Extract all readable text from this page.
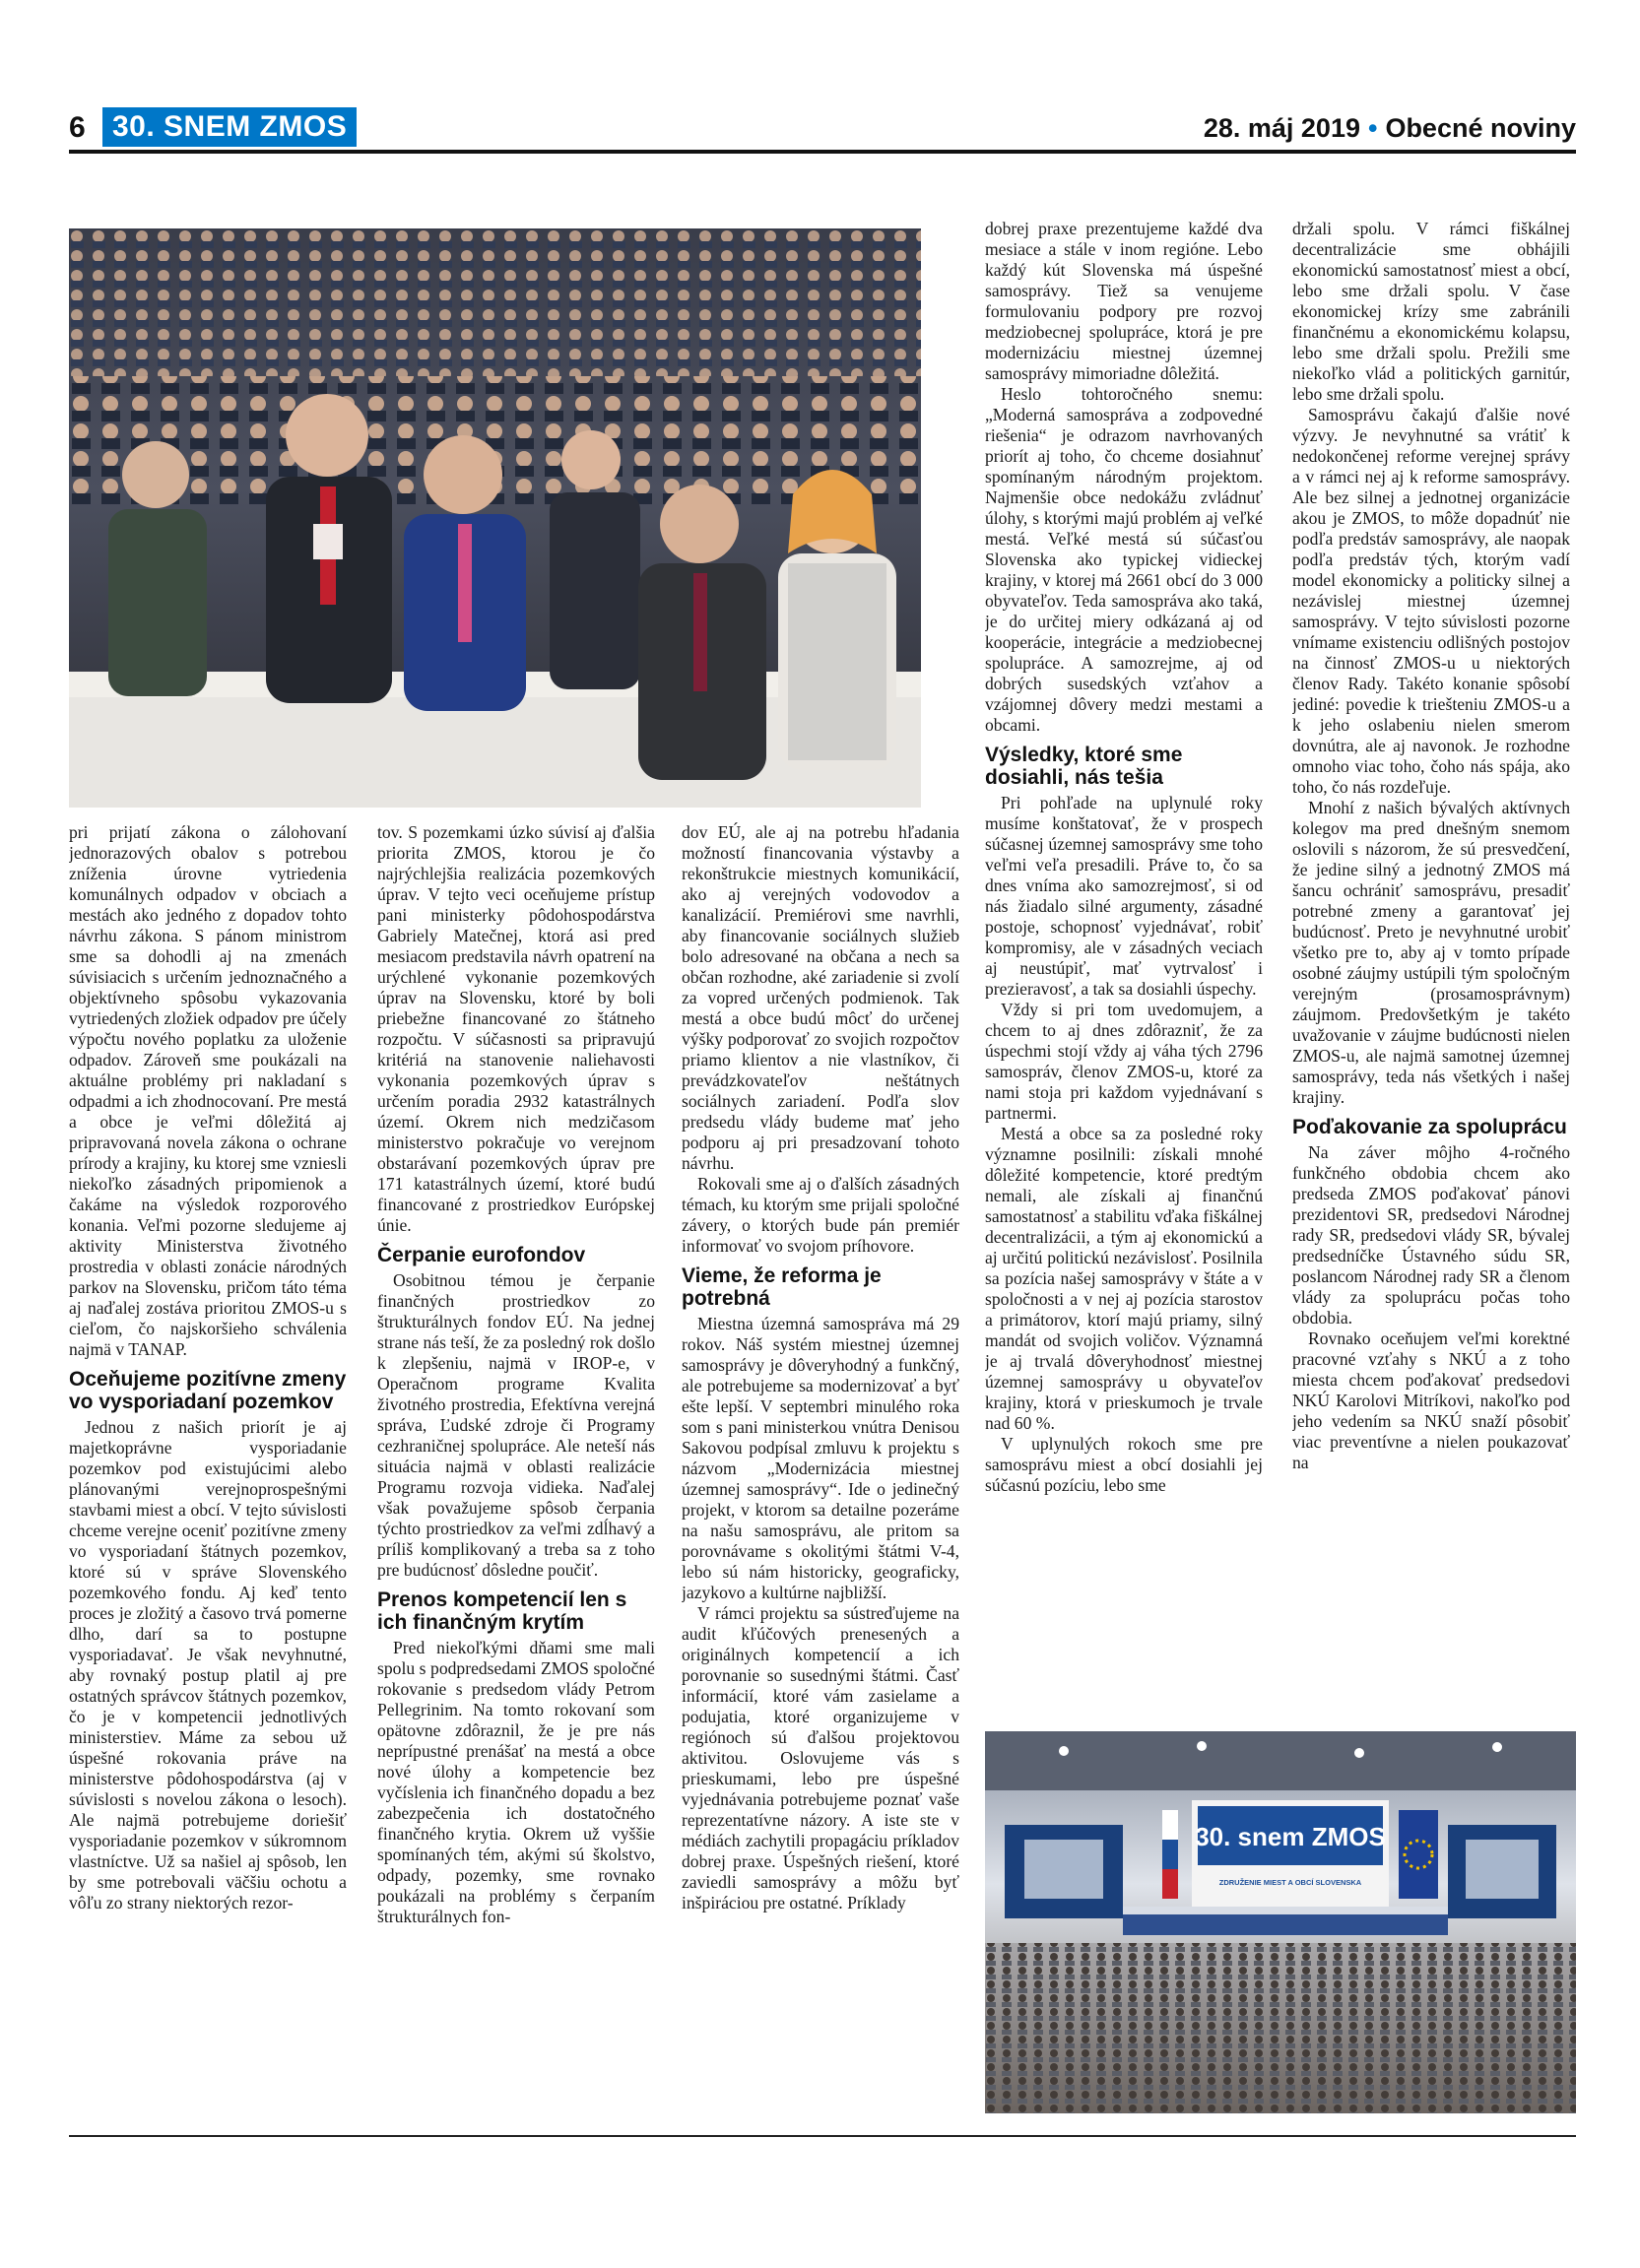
6 30. SNEM ZMOS	28. máj 2019 • Obecné noviny

pri prijatí zákona o zálohovaní jednorazových obalov s potrebou zníženia úrovne vytriedenia komunálnych odpadov v obciach a mestách ako jedného z dopadov tohto návrhu zákona. S pánom ministrom sme sa dohodli aj na zmenách súvisiacich s určením jednoznačného a objektívneho spôsobu vykazovania vytriedených zložiek odpadov pre účely výpočtu nového poplatku za uloženie odpadov. Zároveň sme poukázali na aktuálne problémy pri nakladaní s odpadmi a ich zhodnocovaní. Pre mestá a obce je veľmi dôležitá aj pripravovaná novela zákona o ochrane prírody a krajiny, ku ktorej sme vzniesli niekoľko zásadných pripomienok a čakáme na výsledok rozporového konania. Veľmi pozorne sledujeme aj aktivity Ministerstva životného prostredia v oblasti zonácie národných parkov na Slovensku, pričom táto téma aj naďalej zostáva prioritou ZMOS-u s cieľom, čo najskoršieho schválenia najmä v TANAP.

Oceňujeme pozitívne zmeny vo vysporiadaní pozemkov

Jednou z našich priorít je aj majetkoprávne vysporiadanie pozemkov pod existujúcimi alebo plánovanými verejnoprospešnými stavbami miest a obcí. V tejto súvislosti chceme verejne oceniť pozitívne zmeny vo vysporiadaní štátnych pozemkov, ktoré sú v správe Slovenského pozemkového fondu. Aj keď tento proces je zložitý a časovo trvá pomerne dlho, darí sa to postupne vysporiadavať. Je však nevyhnutné, aby rovnaký postup platil aj pre ostatných správcov štátnych pozemkov, čo je v kompetencii jednotlivých ministerstiev. Máme za sebou už úspešné rokovania práve na ministerstve pôdohospodárstva (aj v súvislosti s novelou zákona o lesoch). Ale najmä potrebujeme doriešiť vysporiadanie pozemkov v súkromnom vlastníctve. Už sa našiel aj spôsob, len by sme potrebovali väčšiu ochotu a vôľu zo strany niektorých rezor-

tov. S pozemkami úzko súvisí aj ďalšia priorita ZMOS, ktorou je čo najrýchlejšia realizácia pozemkových úprav. V tejto veci oceňujeme prístup pani ministerky pôdohospodárstva Gabriely Matečnej, ktorá asi pred mesiacom predstavila návrh opatrení na urýchlené vykonanie pozemkových úprav na Slovensku, ktoré by boli priebežne financované zo štátneho rozpočtu. V súčasnosti sa pripravujú kritériá na stanovenie naliehavosti vykonania pozemkových úprav s určením poradia 2932 katastrálnych území. Okrem nich medzičasom ministerstvo pokračuje vo verejnom obstarávaní pozemkových úprav pre 171 katastrálnych území, ktoré budú financované z prostriedkov Európskej únie.

Čerpanie eurofondov

Osobitnou témou je čerpanie finančných prostriedkov zo štrukturálnych fondov EÚ. Na jednej strane nás teší, že za posledný rok došlo k zlepšeniu, najmä v IROP-e, v Operačnom programe Kvalita životného prostredia, Efektívna verejná správa, Ľudské zdroje či Programy cezhraničnej spolupráce. Ale neteší nás situácia najmä v oblasti realizácie Programu rozvoja vidieka. Naďalej však považujeme spôsob čerpania týchto prostriedkov za veľmi zdĺhavý a príliš komplikovaný a treba sa z toho pre budúcnosť dôsledne poučiť.

Prenos kompetencií len s ich finančným krytím

Pred niekoľkými dňami sme mali spolu s podpredsedami ZMOS spoločné rokovanie s predsedom vlády Petrom Pellegrinim. Na tomto rokovaní som opätovne zdôraznil, že je pre nás neprípustné prenášať na mestá a obce nové úlohy a kompetencie bez vyčíslenia ich finančného dopadu a bez zabezpečenia ich dostatočného finančného krytia. Okrem už vyššie spomínaných tém, akými sú školstvo, odpady, pozemky, sme rovnako poukázali na problémy s čerpaním štrukturálnych fon-

dov EÚ, ale aj na potrebu hľadania možností financovania výstavby a rekonštrukcie miestnych komunikácií, ako aj verejných vodovodov a kanalizácií. Premiérovi sme navrhli, aby financovanie sociálnych služieb bolo adresované na občana a nech sa občan rozhodne, aké zariadenie si zvolí za vopred určených podmienok. Tak mestá a obce budú môcť do určenej výšky podporovať zo svojich rozpočtov priamo klientov a nie vlastníkov, či prevádzkovateľov neštátnych sociálnych zariadení. Podľa slov predsedu vlády budeme mať jeho podporu aj pri presadzovaní tohoto návrhu.

Rokovali sme aj o ďalších zásadných témach, ku ktorým sme prijali spoločné závery, o ktorých bude pán premiér informovať vo svojom príhovore.

Vieme, že reforma je potrebná

Miestna územná samospráva má 29 rokov. Náš systém miestnej územnej samosprávy je dôveryhodný a funkčný, ale potrebujeme sa modernizovať a byť ešte lepší. V septembri minulého roka som s pani ministerkou vnútra Denisou Sakovou podpísal zmluvu k projektu s názvom „Modernizácia miestnej územnej samosprávy“. Ide o jedinečný projekt, v ktorom sa detailne pozeráme na našu samosprávu, ale pritom sa porovnávame s okolitými štátmi V-4, lebo sú nám historicky, geograficky, jazykovo a kultúrne najbližší.

V rámci projektu sa sústreďujeme na audit kľúčových prenesených a originálnych kompetencií a ich porovnanie so susednými štátmi. Časť informácií, ktoré vám zasielame a podujatia, ktoré organizujeme v regiónoch sú ďalšou projektovou aktivitou. Oslovujeme vás s prieskumami, lebo pre úspešné vyjednávania potrebujeme poznať vaše reprezentatívne názory. A iste ste v médiách zachytili propagáciu príkladov dobrej praxe. Úspešných riešení, ktoré zaviedli samosprávy a môžu byť inšpiráciou pre ostatné. Príklady

dobrej praxe prezentujeme každé dva mesiace a stále v inom regióne. Lebo každý kút Slovenska má úspešné samosprávy. Tiež sa venujeme formulovaniu podpory pre rozvoj medziobecnej spolupráce, ktorá je pre modernizáciu miestnej územnej samosprávy mimoriadne dôležitá.

Heslo tohtoročného snemu: „Moderná samospráva a zodpovedné riešenia“ je odrazom navrhovaných priorít aj toho, čo chceme dosiahnuť spomínaným národným projektom. Najmenšie obce nedokážu zvládnuť úlohy, s ktorými majú problém aj veľké mestá. Veľké mestá sú súčasťou Slovenska ako typickej vidieckej krajiny, v ktorej má 2661 obcí do 3 000 obyvateľov. Teda samospráva ako taká, je do určitej miery odkázaná aj od kooperácie, integrácie a medziobecnej spolupráce. A samozrejme, aj od dobrých susedských vzťahov a vzájomnej dôvery medzi mestami a obcami.

Výsledky, ktoré sme dosiahli, nás tešia

Pri pohľade na uplynulé roky musíme konštatovať, že v prospech súčasnej územnej samosprávy sme toho veľmi veľa presadili. Práve to, čo sa dnes vníma ako samozrejmosť, si od nás žiadalo silné argumenty, zásadné postoje, schopnosť vyjednávať, robiť kompromisy, ale v zásadných veciach aj neustúpiť, mať vytrvalosť i prezieravosť, a tak sa dosiahli úspechy.

Vždy si pri tom uvedomujem, a chcem to aj dnes zdôrazniť, že za úspechmi stojí vždy aj váha tých 2796 samospráv, členov ZMOS-u, ktoré za nami stoja pri každom vyjednávaní s partnermi.

Mestá a obce sa za posledné roky významne posilnili: získali mnohé dôležité kompetencie, ktoré predtým nemali, ale získali aj finančnú samostatnosť a stabilitu vďaka fiškálnej decentralizácii, a tým aj ekonomickú a aj určitú politickú nezávislosť. Posilnila sa pozícia našej samosprávy v štáte a v spoločnosti a v nej aj pozícia starostov a primátorov, ktorí majú priamy, silný mandát od svojich voličov. Významná je aj trvalá dôveryhodnosť miestnej územnej samosprávy u obyvateľov krajiny, ktorá v prieskumoch je trvale nad 60 %.

V uplynulých rokoch sme pre samosprávu miest a obcí dosiahli jej súčasnú pozíciu, lebo sme

držali spolu. V rámci fiškálnej decentralizácie sme obhájili ekonomickú samostatnosť miest a obcí, lebo sme držali spolu. V čase ekonomickej krízy sme zabránili finančnému a ekonomickému kolapsu, lebo sme držali spolu. Prežili sme niekoľko vlád a politických garnitúr, lebo sme držali spolu.

Samosprávu čakajú ďalšie nové výzvy. Je nevyhnutné sa vrátiť k nedokončenej reforme verejnej správy a v rámci nej aj k reforme samosprávy. Ale bez silnej a jednotnej organizácie akou je ZMOS, to môže dopadnúť nie podľa predstáv samosprávy, ale naopak podľa predstáv tých, ktorým vadí model ekonomicky a politicky silnej a nezávislej miestnej územnej samosprávy. V tejto súvislosti pozorne vnímame existenciu odlišných postojov na činnosť ZMOS-u u niektorých členov Rady. Takéto konanie spôsobí jediné: povedie k triešteniu ZMOS-u a k jeho oslabeniu nielen smerom dovnútra, ale aj navonok. Je rozhodne omnoho viac toho, čoho nás spája, ako toho, čo nás rozdeľuje.

Mnohí z našich bývalých aktívnych kolegov ma pred dnešným snemom oslovili s názorom, že sú presvedčení, že jedine silný a jednotný ZMOS má šancu ochrániť samosprávu, presadiť potrebné zmeny a garantovať jej budúcnosť. Preto je nevyhnutné urobiť všetko pre to, aby aj v tomto prípade osobné záujmy ustúpili tým spoločným verejným (prosamosprávnym) záujmom. Predovšetkým je takéto uvažovanie v záujme budúcnosti nielen ZMOS-u, ale najmä samotnej územnej samosprávy, teda nás všetkých i našej krajiny.

Poďakovanie za spoluprácu

Na záver môjho 4-ročného funkčného obdobia chcem ako predseda ZMOS poďakovať pánovi prezidentovi SR, predsedovi Národnej rady SR, predsedovi vlády SR, bývalej predsedníčke Ústavného súdu SR, poslancom Národnej rady SR a členom vlády za spoluprácu počas toho obdobia.

Rovnako oceňujem veľmi korektné pracovné vzťahy s NKÚ a z toho miesta chcem poďakovať predsedovi NKÚ Karolovi Mitríkovi, nakoľko pod jeho vedením sa NKÚ snaží pôsobiť viac preventívne a nielen poukazovať na

30. snem ZMOS
ZDRUŽENIE MIEST A OBCÍ SLOVENSKA
